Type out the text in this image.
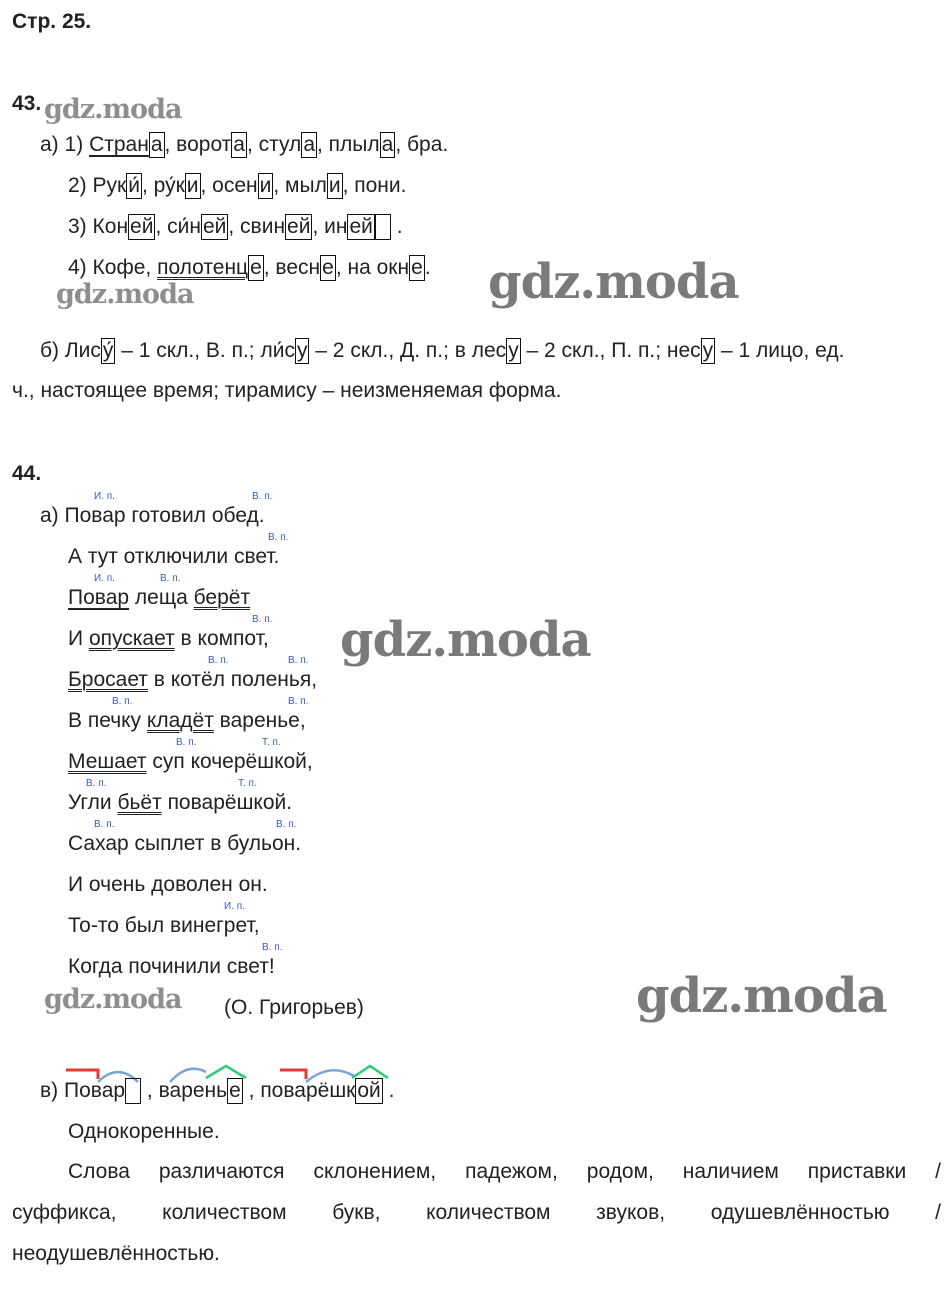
Стр. 25.
43.
а) 1) Страна, ворота, стула, плыла, бра.
2) Руки́, ру́ки, осени, мыли, пони.
3) Коней, си́ней, свиней, иней .
4) Кофе, полотенце, весне, на окне.
б) Лису́ – 1 скл., В. п.; ли́су – 2 скл., Д. п.; в лесу – 2 скл., П. п.; несу – 1 лицо, ед.
ч., настоящее время; тирамису – неизменяемая форма.
44.
И. п.	В. п.
а) Повар готовил обед.
В. п.
А тут отключили свет.
И. п.	В. п.
Повар леща берёт
В. п.
И опускает в компот,
В. п.	В. п.
Бросает в котёл поленья,
В. п.	В. п.
В печку кладёт варенье,
В. п.	Т. п.
Мешает суп кочерёшкой,
В. п.	Т. п.
Угли бьёт поварёшкой.
В. п.	В. п.
Сахар сыплет в бульон.
И очень доволен он.
И. п.
То-то был винегрет,
В. п.
Когда починили свет!
(О. Григорьев)
в) Повар , варенье , поварёшкой .
Однокоренные.
Слова различаются склонением, падежом, родом, наличием приставки /
суффикса, количеством букв, количеством звуков, одушевлённостью /
неодушевлённостью.
gdz.moda
gdz.moda	gdz.moda
gdz.moda
gdz.moda
gdz.moda
